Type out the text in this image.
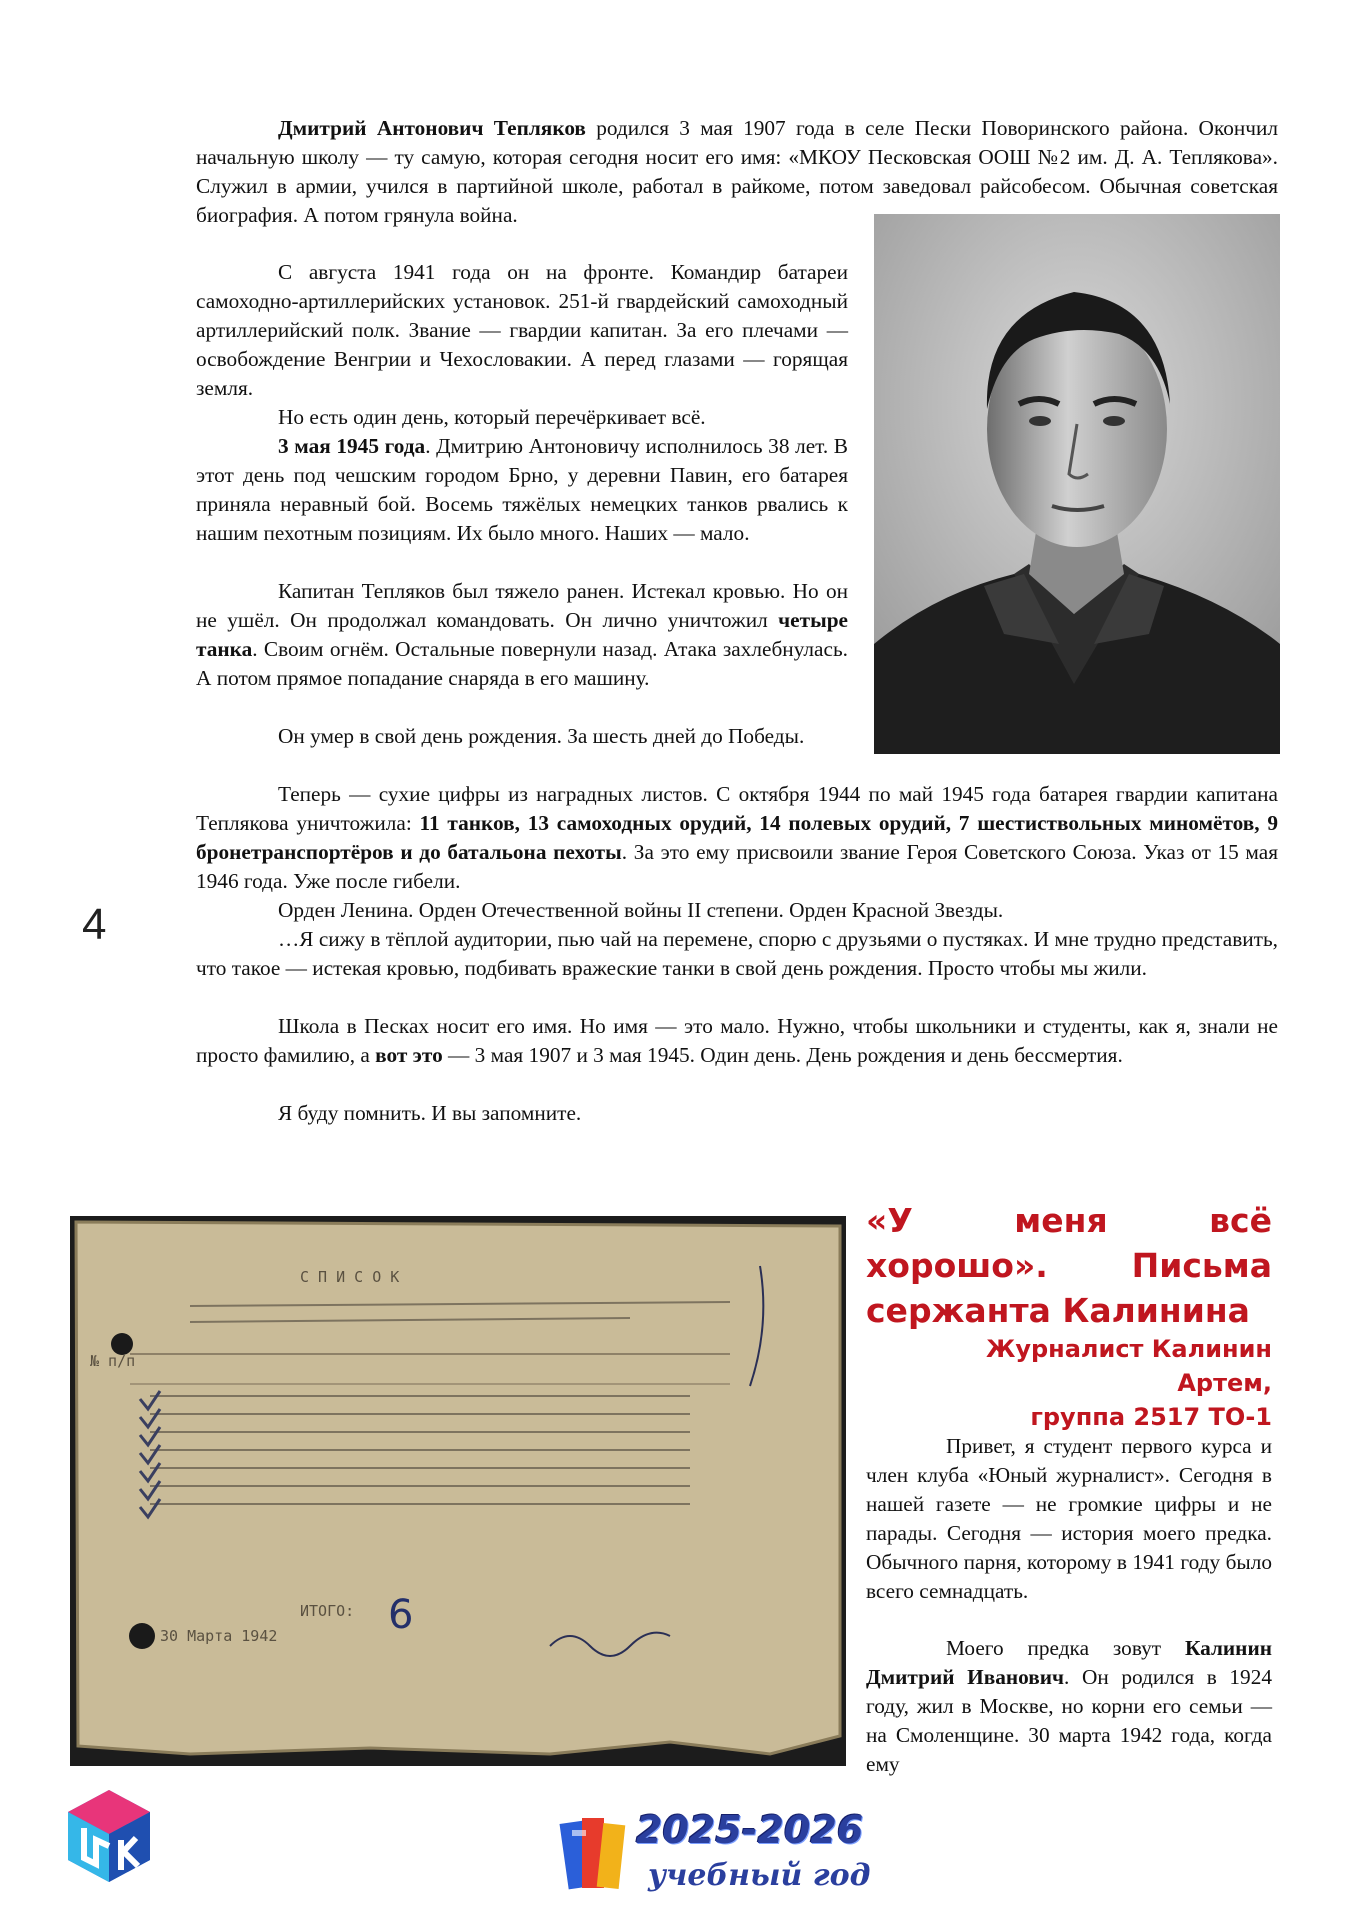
4

Дмитрий Антонович Тепляков родился 3 мая 1907 года в селе Пески Поворинского района. Окончил начальную школу — ту самую, которая сегодня носит его имя: «МКОУ Песковская ООШ №2 им. Д. А. Теплякова». Служил в армии, учился в партийной школе, работал в райкоме, потом заведовал райсобесом. Обычная советская биография. А потом грянула война.

С августа 1941 года он на фронте. Командир батареи самоходно-артиллерийских установок. 251-й гвардейский самоходный артиллерийский полк. Звание — гвардии капитан. За его плечами — освобождение Венгрии и Чехословакии. А перед глазами — горящая земля.

Но есть один день, который перечёркивает всё.

3 мая 1945 года. Дмитрию Антоновичу исполнилось 38 лет. В этот день под чешским городом Брно, у деревни Павин, его батарея приняла неравный бой. Восемь тяжёлых немецких танков рвались к нашим пехотным позициям. Их было много. Наших — мало.

Капитан Тепляков был тяжело ранен. Истекал кровью. Но он не ушёл. Он продолжал командовать. Он лично уничтожил четыре танка. Своим огнём. Остальные повернули назад. Атака захлебнулась. А потом прямое попадание снаряда в его машину.

Он умер в свой день рождения. За шесть дней до Победы.

Теперь — сухие цифры из наградных листов. С октября 1944 по май 1945 года батарея гвардии капитана Теплякова уничтожила: 11 танков, 13 самоходных орудий, 14 полевых орудий, 7 шестиствольных миномётов, 9 бронетранспортёров и до батальона пехоты. За это ему присвоили звание Героя Советского Союза. Указ от 15 мая 1946 года. Уже после гибели.

Орден Ленина. Орден Отечественной войны II степени. Орден Красной Звезды.

…Я сижу в тёплой аудитории, пью чай на перемене, спорю с друзьями о пустяках. И мне трудно представить, что такое — истекая кровью, подбивать вражеские танки в свой день рождения. Просто чтобы мы жили.

Школа в Песках носит его имя. Но имя — это мало. Нужно, чтобы школьники и студенты, как я, знали не просто фамилию, а вот это — 3 мая 1907 и 3 мая 1945. Один день. День рождения и день бессмертия.

Я буду помнить. И вы запомните.

С П И С О К
№ п/п
ИТОГО:
30 Марта 1942	6
«У меня всё хорошо». Письма сержанта Калинина
Журналист Калинин
Артем,
группа 2517 ТО-1

Привет, я студент первого курса и член клуба «Юный журналист». Сегодня в нашей газете — не громкие цифры и не парады. Сегодня — история моего предка. Обычного парня, которому в 1941 году было всего семнадцать.

Моего предка зовут Калинин Дмитрий Иванович. Он родился в 1924 году, жил в Москве, но корни его семьи — на Смоленщине. 30 марта 1942 года, когда ему

2025-2026
учебный год
